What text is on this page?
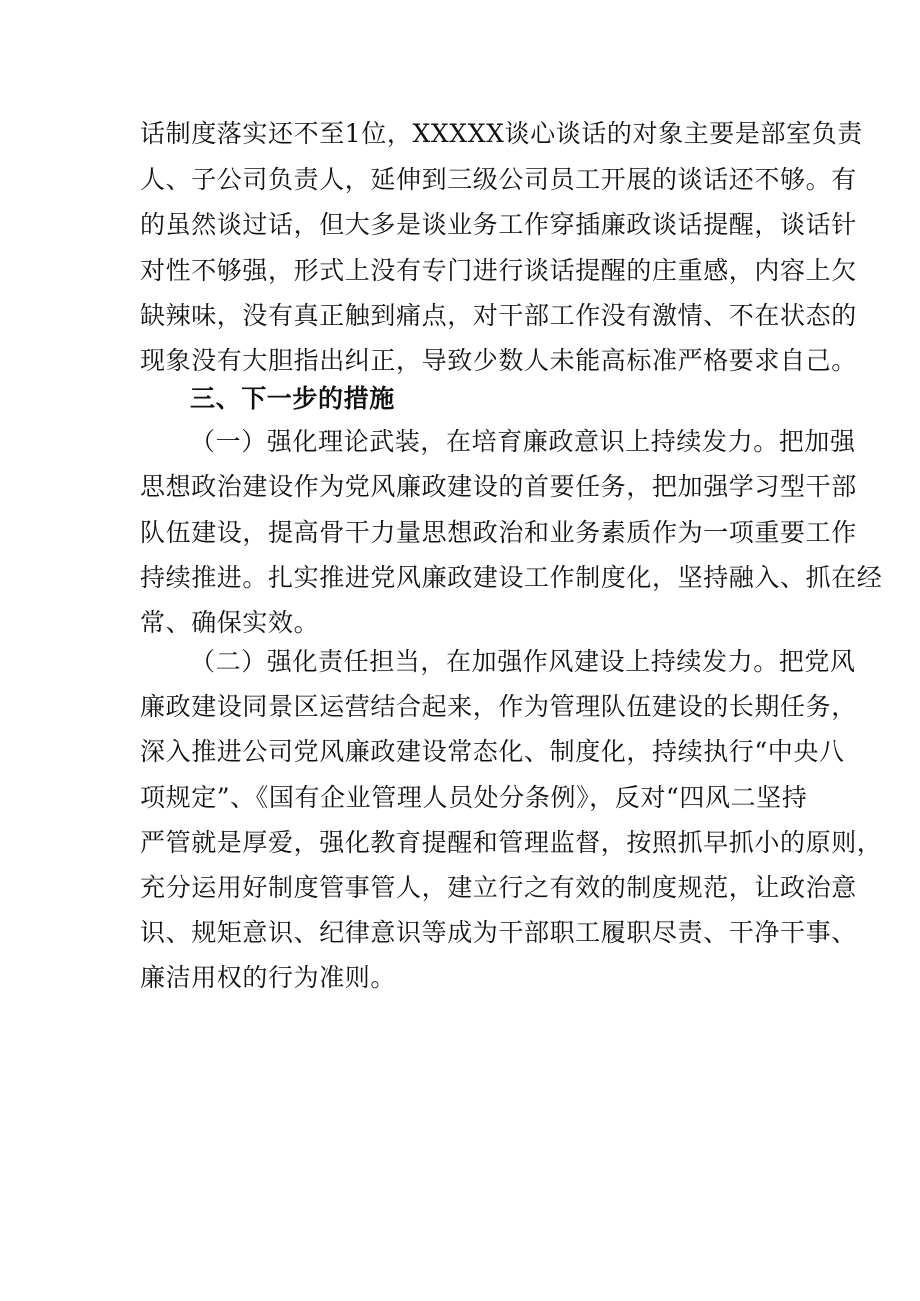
话制度落实还不至1位，XXXXX谈心谈话的对象主要是部室负责
人、子公司负责人，延伸到三级公司员工开展的谈话还不够。有
的虽然谈过话，但大多是谈业务工作穿插廉政谈话提醒，谈话针
对性不够强，形式上没有专门进行谈话提醒的庄重感，内容上欠
缺辣味，没有真正触到痛点，对干部工作没有激情、不在状态的
现象没有大胆指出纠正，导致少数人未能高标准严格要求自己。
三、下一步的措施
（一）强化理论武装，在培育廉政意识上持续发力。把加强
思想政治建设作为党风廉政建设的首要任务，把加强学习型干部
队伍建设，提高骨干力量思想政治和业务素质作为一项重要工作
持续推进。扎实推进党风廉政建设工作制度化，坚持融入、抓在经
常、确保实效。
（二）强化责任担当，在加强作风建设上持续发力。把党风
廉政建设同景区运营结合起来，作为管理队伍建设的长期任务，
深入推进公司党风廉政建设常态化、制度化，持续执行“中央八
项规定”、《国有企业管理人员处分条例》，反对“四风二坚持
严管就是厚爱，强化教育提醒和管理监督，按照抓早抓小的原则，
充分运用好制度管事管人，建立行之有效的制度规范，让政治意
识、规矩意识、纪律意识等成为干部职工履职尽责、干净干事、
廉洁用权的行为准则。
